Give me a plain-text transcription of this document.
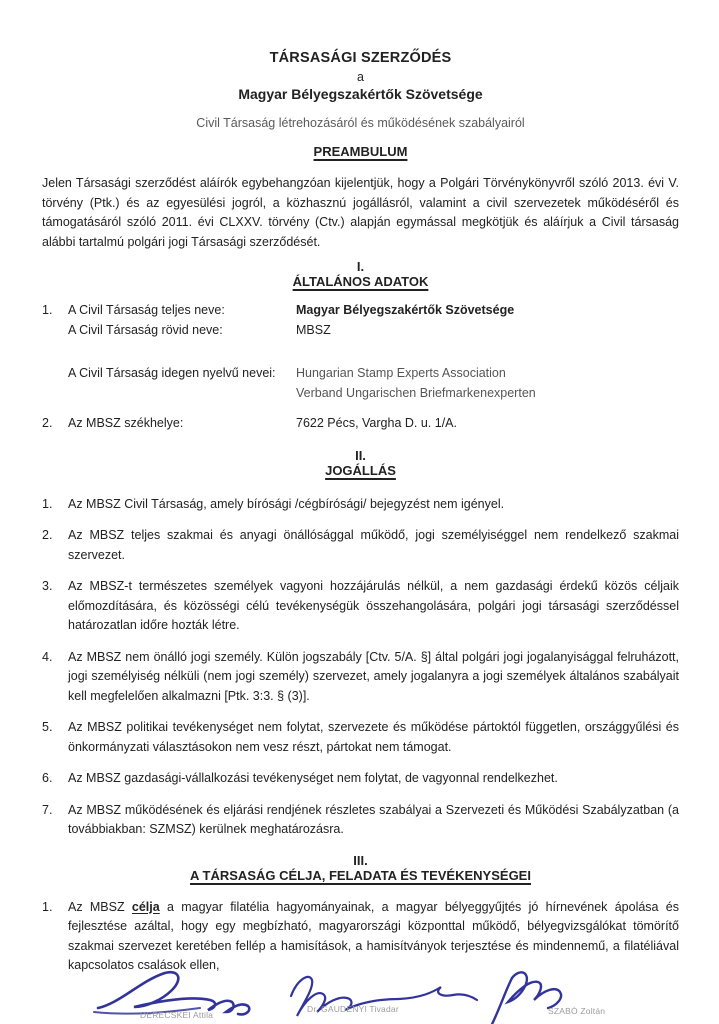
TÁRSASÁGI SZERZŐDÉS
a
Magyar Bélyegszakértők Szövetsége
Civil Társaság létrehozásáról és működésének szabályairól
PREAMBULUM
Jelen Társasági szerződést aláírók egybehangzóan kijelentjük, hogy a Polgári Törvénykönyvről szóló 2013. évi V. törvény (Ptk.) és az egyesülési jogról, a közhasznú jogállásról, valamint a civil szervezetek működéséről és támogatásáról szóló 2011. évi CLXXV. törvény (Ctv.) alapján egymással megkötjük és aláírjuk a Civil társaság alábbi tartalmú polgári jogi Társasági szerződését.
I.
ÁLTALÁNOS ADATOK
1.	A Civil Társaság teljes neve:	Magyar Bélyegszakértők Szövetsége
A Civil Társaság rövid neve:	MBSZ
A Civil Társaság idegen nyelvű nevei:	Hungarian Stamp Experts Association
Verband Ungarischen Briefmarkenexperten
2.	Az MBSZ székhelye:	7622 Pécs, Vargha D. u. 1/A.
II.
JOGÁLLÁS
1.	Az MBSZ Civil Társaság, amely bírósági /cégbírósági/ bejegyzést nem igényel.
2.	Az MBSZ teljes szakmai és anyagi önállósággal működő, jogi személyiséggel nem rendelkező szakmai szervezet.
3.	Az MBSZ-t természetes személyek vagyoni hozzájárulás nélkül, a nem gazdasági érdekű közös céljaik előmozdítására, és közösségi célú tevékenységük összehangolására, polgári jogi társasági szerződéssel határozatlan időre hozták létre.
4.	Az MBSZ nem önálló jogi személy. Külön jogszabály [Ctv. 5/A. §] által polgári jogi jogalanyisággal felruházott, jogi személyiség nélküli (nem jogi személy) szervezet, amely jogalanyra a jogi személyek általános szabályait kell megfelelően alkalmazni [Ptk. 3:3. § (3)].
5.	Az MBSZ politikai tevékenységet nem folytat, szervezete és működése pártoktól független, országgyűlési és önkormányzati választásokon nem vesz részt, pártokat nem támogat.
6.	Az MBSZ gazdasági-vállalkozási tevékenységet nem folytat, de vagyonnal rendelkezhet.
7.	Az MBSZ működésének és eljárási rendjének részletes szabályai a Szervezeti és Működési Szabályzatban (a továbbiakban: SZMSZ) kerülnek meghatározásra.
III.
A TÁRSASÁG CÉLJA, FELADATA ÉS TEVÉKENYSÉGEI
1.	Az MBSZ célja a magyar filatélia hagyományainak, a magyar bélyeggyűjtés jó hírnevének ápolása és fejlesztése azáltal, hogy egy megbízható, magyarországi központtal működő, bélyegvizsgálókat tömörítő szakmai szervezet keretében fellép a hamisítások, a hamisítványok terjesztése és mindennemű, a filatéliával kapcsolatos csalások ellen,
DERECSKEI Attila
Dr. GAUDÉNYI Tivadar	SZABÓ Zoltán
